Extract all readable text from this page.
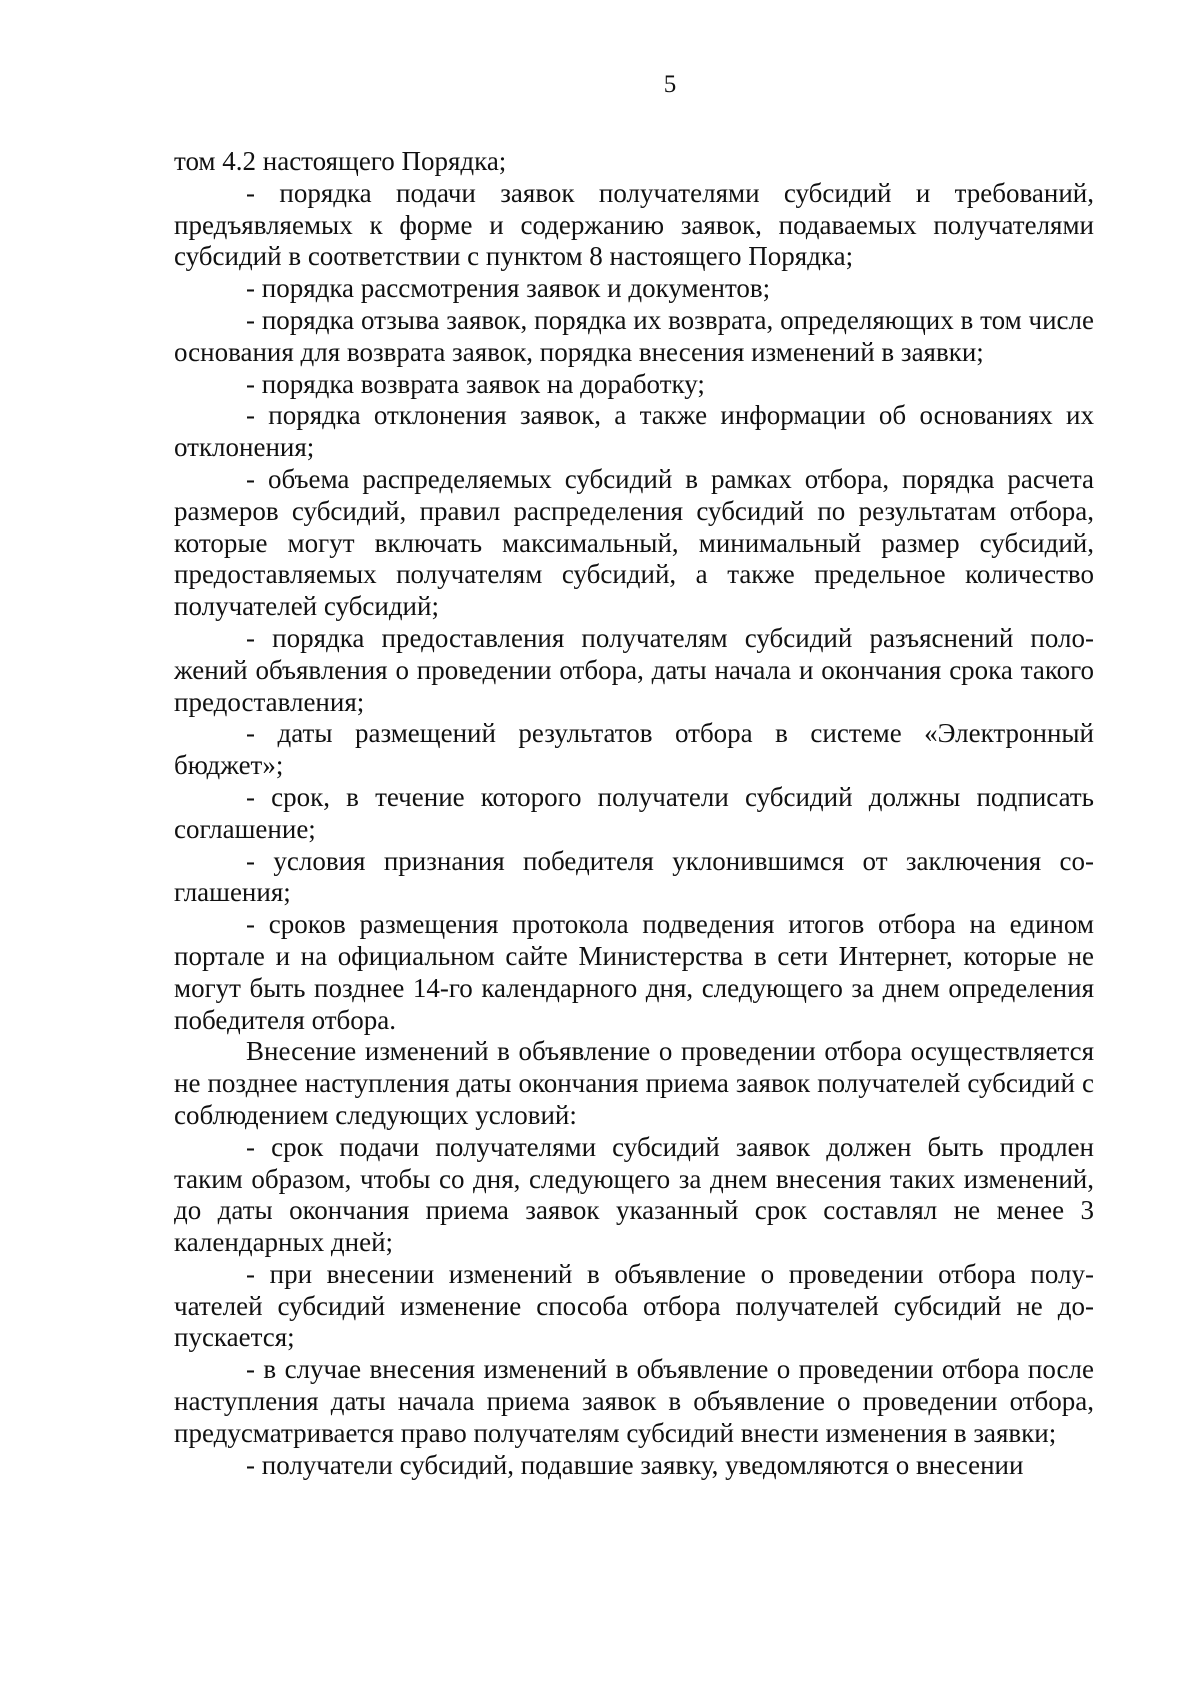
5

том 4.2 настоящего Порядка;

- порядка подачи заявок получателями субсидий и требований, предъявляемых к форме и содержанию заявок, подаваемых получателями субсидий в соответствии с пунктом 8 настоящего Порядка;

- порядка рассмотрения заявок и документов;

- порядка отзыва заявок, порядка их возврата, определяющих в том числе основания для возврата заявок, порядка внесения изменений в заявки;

- порядка возврата заявок на доработку;

- порядка отклонения заявок, а также информации об основаниях их отклонения;

- объема распределяемых субсидий в рамках отбора, порядка расчета размеров субсидий, правил распределения субсидий по результатам отбора, которые могут включать максимальный, минимальный размер субсидий, предоставляемых получателям субсидий, а также предельное количество получателей субсидий;

- порядка предоставления получателям субсидий разъяснений положений объявления о проведении отбора, даты начала и окончания срока такого предоставления;

- даты размещений результатов отбора в системе «Электронный бюджет»;

- срок, в течение которого получатели субсидий должны подписать соглашение;

- условия признания победителя уклонившимся от заключения соглашения;

- сроков размещения протокола подведения итогов отбора на едином портале и на официальном сайте Министерства в сети Интернет, которые не могут быть позднее 14-го календарного дня, следующего за днем определения победителя отбора.

Внесение изменений в объявление о проведении отбора осуществляется не позднее наступления даты окончания приема заявок получателей субсидий с соблюдением следующих условий:

- срок подачи получателями субсидий заявок должен быть продлен таким образом, чтобы со дня, следующего за днем внесения таких изменений, до даты окончания приема заявок указанный срок составлял не менее 3 календарных дней;

- при внесении изменений в объявление о проведении отбора получателей субсидий изменение способа отбора получателей субсидий не допускается;

- в случае внесения изменений в объявление о проведении отбора после наступления даты начала приема заявок в объявление о проведении отбора, предусматривается право получателям субсидий внести изменения в заявки;

- получатели субсидий, подавшие заявку, уведомляются о внесении
